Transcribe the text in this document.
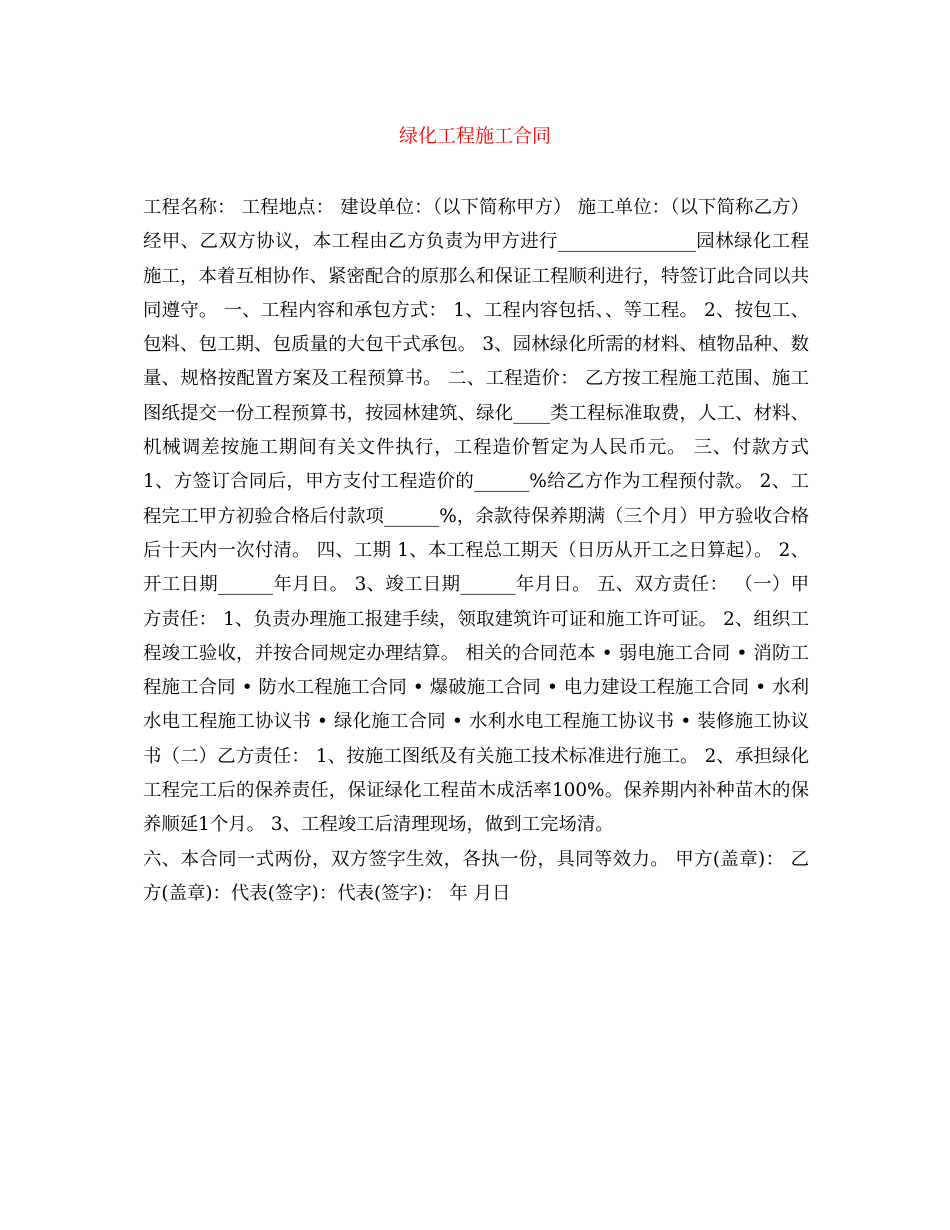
绿化工程施工合同

工程名称： 工程地点： 建设单位：（以下简称甲方） 施工单位：（以下简称乙方） 经甲、乙双方协议，本工程由乙方负责为甲方进行_______________园林绿化工程施工，本着互相协作、紧密配合的原那么和保证工程顺利进行，特签订此合同以共同遵守。 一、工程内容和承包方式： 1、工程内容包括、、等工程。 2、按包工、包料、包工期、包质量的大包干式承包。 3、园林绿化所需的材料、植物品种、数量、规格按配置方案及工程预算书。 二、工程造价： 乙方按工程施工范围、施工图纸提交一份工程预算书，按园林建筑、绿化____类工程标准取费，人工、材料、机械调差按施工期间有关文件执行，工程造价暂定为人民币元。 三、付款方式 1、方签订合同后，甲方支付工程造价的______%给乙方作为工程预付款。 2、工程完工甲方初验合格后付款项______%，余款待保养期满（三个月）甲方验收合格后十天内一次付清。 四、工期 1、本工程总工期天（日历从开工之日算起）。 2、开工日期______年月日。 3、竣工日期______年月日。 五、双方责任： （一）甲方责任： 1、负责办理施工报建手续，领取建筑许可证和施工许可证。 2、组织工程竣工验收，并按合同规定办理结算。 相关的合同范本 • 弱电施工合同 • 消防工程施工合同 • 防水工程施工合同 • 爆破施工合同 • 电力建设工程施工合同 • 水利水电工程施工协议书 • 绿化施工合同 • 水利水电工程施工协议书 • 装修施工协议书（二）乙方责任： 1、按施工图纸及有关施工技术标准进行施工。 2、承担绿化工程完工后的保养责任，保证绿化工程苗木成活率100%。保养期内补种苗木的保养顺延1个月。 3、工程竣工后清理现场，做到工完场清。

六、本合同一式两份，双方签字生效，各执一份，具同等效力。 甲方(盖章)： 乙方(盖章)：代表(签字)：代表(签字)： 年 月日
